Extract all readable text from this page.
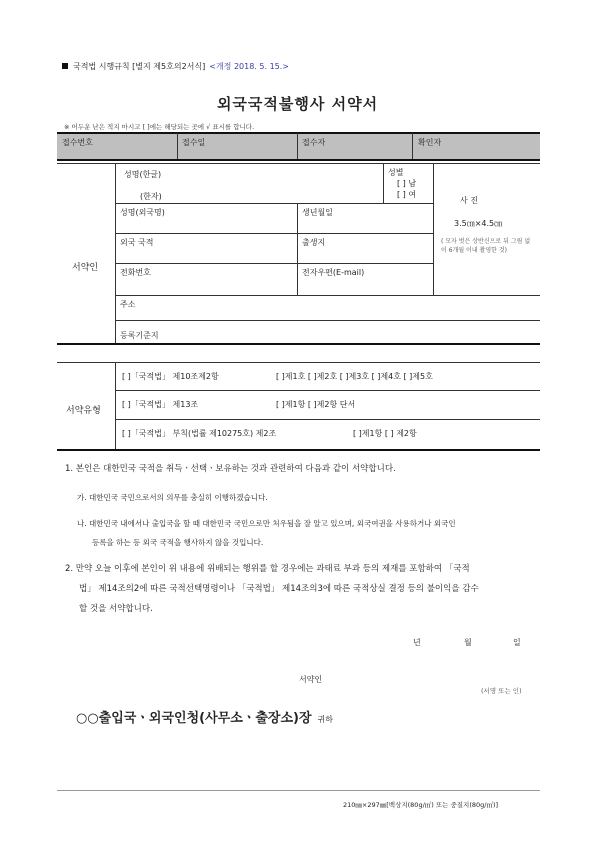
국적법 시행규칙 [별지 제5호의2서식] <개정 2018. 5. 15.>
외국국적불행사 서약서
※ 어두운 난은 적지 마시고 [ ]에는 해당되는 곳에 √ 표시를 합니다.
접수번호	접수일	접수자	확인자
서약인
성명(한글)
(한자)
성별
[ ] 남
[ ] 여
사 진
3.5㎝×4.5㎝
( 모자 벗은 상반신으로 뒤 그림 없이 6개월 이내 촬영한 것)
성명(외국명)	생년월일
외국 국적	출생지
전화번호	전자우편(E-mail)
주소
등록기준지
서약유형
[ ]「국적법」 제10조제2항	[ ]제1호 [ ]제2호 [ ]제3호 [ ]제4호 [ ]제5호
[ ]「국적법」 제13조	[ ]제1항 [ ]제2항 단서
[ ]「국적법」 부칙(법률 제10275호) 제2조	[ ]제1항 [ ] 제2항
1. 본인은 대한민국 국적을 취득ㆍ선택ㆍ보유하는 것과 관련하여 다음과 같이 서약합니다.
가. 대한민국 국민으로서의 의무를 충실히 이행하겠습니다.
나. 대한민국 내에서나 출입국을 할 때 대한민국 국민으로만 처우됨을 잘 알고 있으며, 외국여권을 사용하거나 외국인
등록을 하는 등 외국 국적을 행사하지 않을 것입니다.
2. 만약 오늘 이후에 본인이 위 내용에 위배되는 행위를 할 경우에는 과태료 부과 등의 제재를 포함하여 「국적
법」 제14조의2에 따른 국적선택명령이나 「국적법」 제14조의3에 따른 국적상실 결정 등의 불이익을 감수
할 것을 서약합니다.
년	월	일
서약인
(서명 또는 인)
○○출입국ㆍ외국인청(사무소ㆍ출장소)장 귀하
210㎜×297㎜[백상지(80g/㎡) 또는 중질지(80g/㎡)]
